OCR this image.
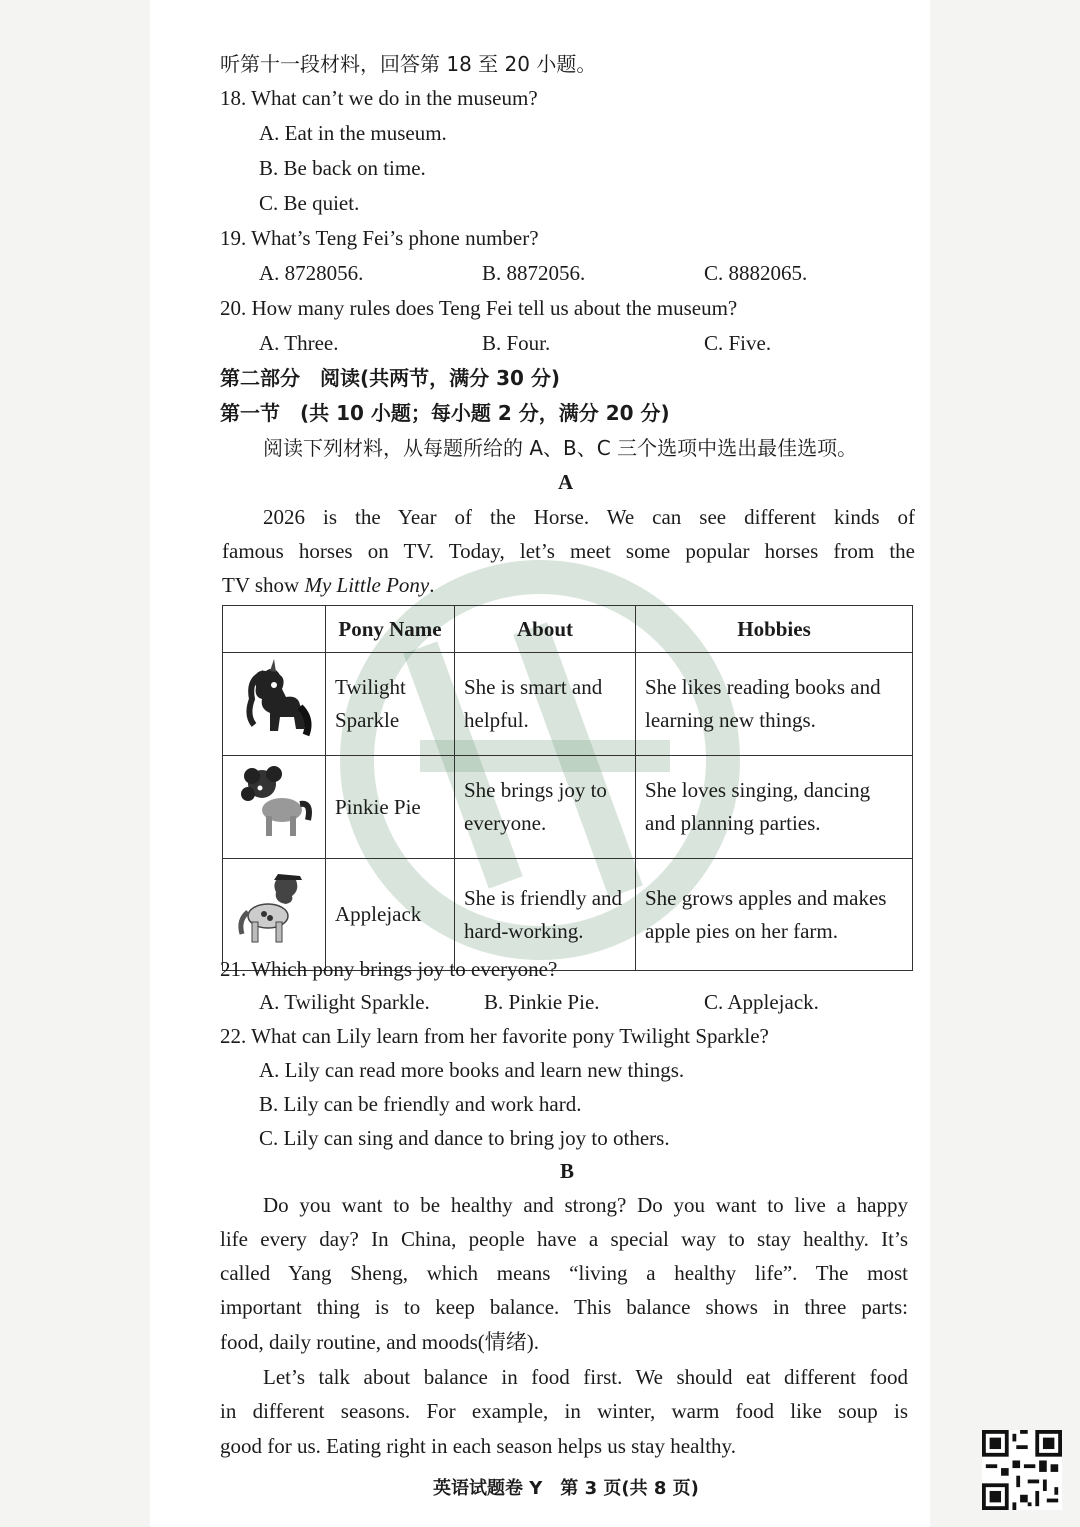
听第十一段材料，回答第 18 至 20 小题。
18. What can’t we do in the museum?
A. Eat in the museum.
B. Be back on time.
C. Be quiet.
19. What’s Teng Fei’s phone number?
A. 8728056.	B. 8872056.	C. 8882065.
20. How many rules does Teng Fei tell us about the museum?
A. Three.	B. Four.	C. Five.
第二部分　阅读(共两节，满分 30 分)
第一节　(共 10 小题；每小题 2 分，满分 20 分)
阅读下列材料，从每题所给的 A、B、C 三个选项中选出最佳选项。
A
2026 is the Year of the Horse. We can see different kinds of
famous horses on TV. Today, let’s meet some popular horses from the
TV show My Little Pony.
	Pony Name	About	Hobbies

Twilight Sparkle	She is smart and helpful.	She likes reading books and learning new things.

Pinkie Pie	She brings joy to everyone.	She loves singing, dancing and planning parties.

Applejack	She is friendly and hard-working.	She grows apples and makes apple pies on her farm.
21. Which pony brings joy to everyone?
A. Twilight Sparkle.	B. Pinkie Pie.	C. Applejack.
22. What can Lily learn from her favorite pony Twilight Sparkle?
A. Lily can read more books and learn new things.
B. Lily can be friendly and work hard.
C. Lily can sing and dance to bring joy to others.
B
Do you want to be healthy and strong? Do you want to live a happy
life every day? In China, people have a special way to stay healthy. It’s
called Yang Sheng, which means “living a healthy life”. The most
important thing is to keep balance. This balance shows in three parts:
food, daily routine, and moods(情绪).
Let’s talk about balance in food first. We should eat different food
in different seasons. For example, in winter, warm food like soup is
good for us. Eating right in each season helps us stay healthy.
英语试题卷 Y　第 3 页(共 8 页)
